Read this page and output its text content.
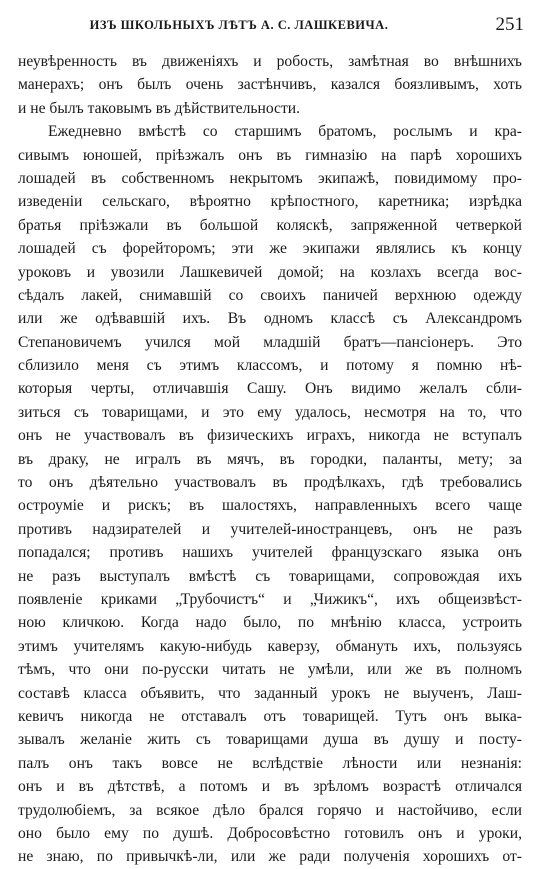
ИЗЪ ШКОЛЬНЫХЪ ЛѢТЪ А. С. ЛАШКЕВИЧА.	251
неувѣренность въ движеніяхъ и робость, замѣтная во внѣшнихъ
манерахъ; онъ былъ очень застѣнчивъ, казался боязливымъ, хоть
и не былъ таковымъ въ дѣйствительности.
Ежедневно вмѣстѣ со старшимъ братомъ, рослымъ и кра-
сивымъ юношей, пріѣзжалъ онъ въ гимназію на парѣ хорошихъ
лошадей въ собственномъ некрытомъ экипажѣ, повидимому про-
изведеніи сельскаго, вѣроятно крѣпостного, каретника; изрѣдка
братья пріѣзжали въ большой коляскѣ, запряженной четверкой
лошадей съ форейторомъ; эти же экипажи являлись къ концу
уроковъ и увозили Лашкевичей домой; на козлахъ всегда вос-
сѣдалъ лакей, снимавшій со своихъ паничей верхнюю одежду
или же одѣвавшій ихъ. Въ одномъ классѣ съ Александромъ
Степановичемъ учился мой младшій братъ—пансіонеръ. Это
сблизило меня съ этимъ классомъ, и потому я помню нѣ-
которыя черты, отличавшія Сашу. Онъ видимо желалъ сбли-
зиться съ товарищами, и это ему удалось, несмотря на то, что
онъ не участвовалъ въ физическихъ играхъ, никогда не вступалъ
въ драку, не игралъ въ мячъ, въ городки, паланты, мету; за
то онъ дѣятельно участвовалъ въ продѣлкахъ, гдѣ требовались
остроуміе и рискъ; въ шалостяхъ, направленныхъ всего чаще
противъ надзирателей и учителей-иностранцевъ, онъ не разъ
попадался; противъ нашихъ учителей французскаго языка онъ
не разъ выступалъ вмѣстѣ съ товарищами, сопровождая ихъ
появленіе криками „Трубочистъ“ и „Чижикъ“, ихъ общеизвѣст-
ною кличкою. Когда надо было, по мнѣнію класса, устроить
этимъ учителямъ какую-нибудь каверзу, обмануть ихъ, пользуясь
тѣмъ, что они по-русски читать не умѣли, или же въ полномъ
составѣ класса объявить, что заданный урокъ не выученъ, Лаш-
кевичъ никогда не отставалъ отъ товарищей. Тутъ онъ выка-
зывалъ желаніе жить съ товарищами душа въ душу и посту-
палъ онъ такъ вовсе не вслѣдствіе лѣности или незнанія:
онъ и въ дѣтствѣ, а потомъ и въ зрѣломъ возрастѣ отличался
трудолюбіемъ, за всякое дѣло брался горячо и настойчиво, если
оно было ему по душѣ. Добросовѣстно готовилъ онъ и уроки,
не знаю, по привычкѣ-ли, или же ради полученія хорошихъ от-
